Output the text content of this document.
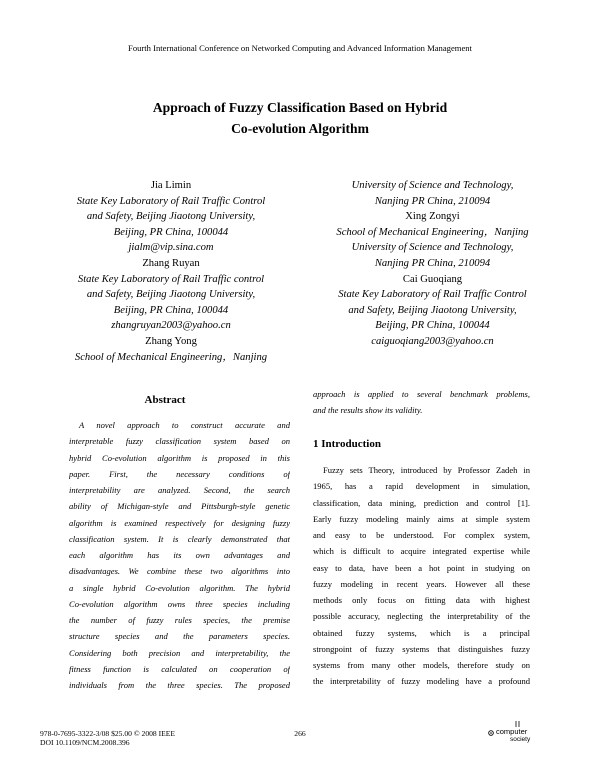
Fourth International Conference on Networked Computing and Advanced Information Management
Approach of Fuzzy Classification Based on Hybrid
Co-evolution Algorithm
Jia Limin
State Key Laboratory of Rail Traffic Control
and Safety, Beijing Jiaotong University,
Beijing, PR China, 100044
jialm@vip.sina.com
Zhang Ruyan
State Key Laboratory of Rail Traffic control
and Safety, Beijing Jiaotong University,
Beijing, PR China, 100044
zhangruyan2003@yahoo.cn
Zhang Yong
School of Mechanical Engineering，Nanjing
University of Science and Technology,
Nanjing PR China, 210094
Xing Zongyi
School of Mechanical Engineering，Nanjing
University of Science and Technology,
Nanjing PR China, 210094
Cai Guoqiang
State Key Laboratory of Rail Traffic Control
and Safety, Beijing Jiaotong University,
Beijing, PR China, 100044
caiguoqiang2003@yahoo.cn
Abstract
A novel approach to construct accurate and
interpretable fuzzy classification system based on
hybrid Co-evolution algorithm is proposed in this
paper. First, the necessary conditions of
interpretability are analyzed. Second, the search
ability of Michigan-style and Pittsburgh-style genetic
algorithm is examined respectively for designing fuzzy
classification system. It is clearly demonstrated that
each algorithm has its own advantages and
disadvantages. We combine these two algorithms into
a single hybrid Co-evolution algorithm. The hybrid
Co-evolution algorithm owns three species including
the number of fuzzy rules species, the premise
structure species and the parameters species.
Considering both precision and interpretability, the
fitness function is calculated on cooperation of
individuals from the three species. The proposed
approach is applied to several benchmark problems,
and the results show its validity.
1 Introduction
Fuzzy sets Theory, introduced by Professor Zadeh in
1965, has a rapid development in simulation,
classification, data mining, prediction and control [1].
Early fuzzy modeling mainly aims at simple system
and easy to be understood. For complex system,
which is difficult to acquire integrated expertise while
easy to data, have been a hot point in studying on
fuzzy modeling in recent years. However all these
methods only focus on fitting data with highest
possible accuracy, neglecting the interpretability of the
obtained fuzzy systems, which is a principal
strongpoint of fuzzy systems that distinguishes fuzzy
systems from many other models, therefore study on
the interpretability of fuzzy modeling have a profound
978-0-7695-3322-3/08 $25.00 © 2008 IEEE
DOI 10.1109/NCM.2008.396
266	computer
society
